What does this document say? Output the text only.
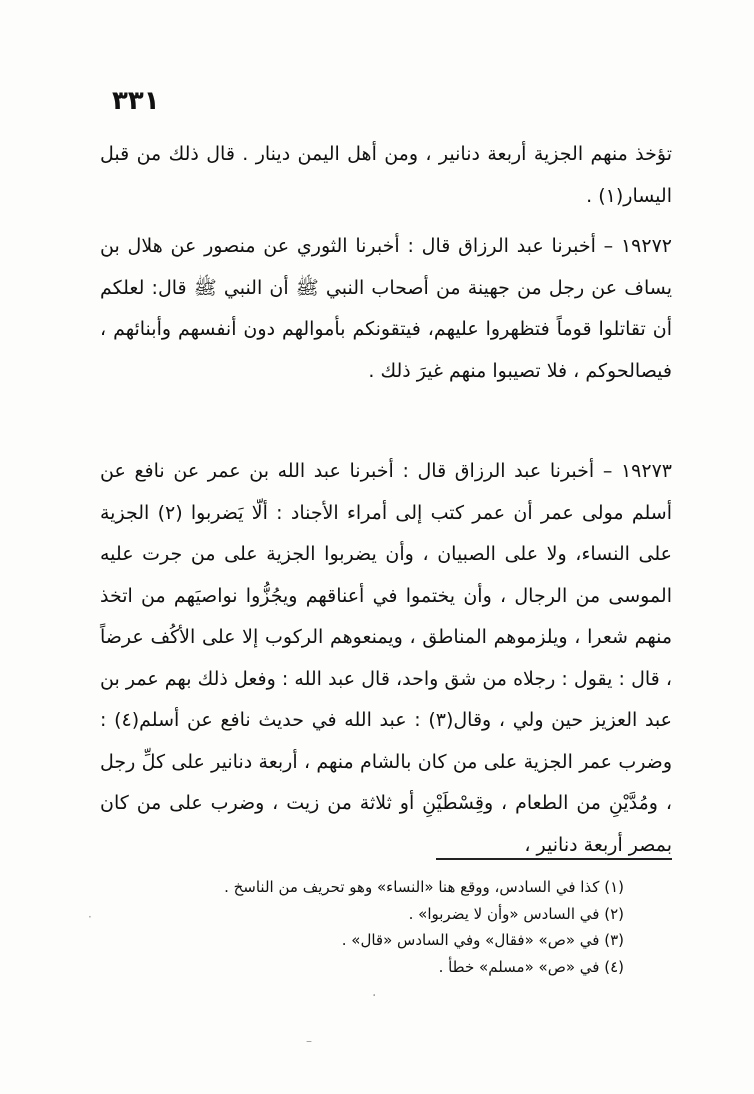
٣٣١

تؤخذ منهم الجزية أربعة دنانير ، ومن أهل اليمن دينار . قال ذلك من قبل اليسار(١) .

١٩٢٧٢ – أخبرنا عبد الرزاق قال : أخبرنا الثوري عن منصور عن هلال بن يساف عن رجل من جهينة من أصحاب النبي ﷺ أن النبي ﷺ قال: لعلكم أن تقاتلوا قوماً فتظهروا عليهم، فيتقونكم بأموالهم دون أنفسهم وأبنائهم ، فيصالحوكم ، فلا تصيبوا منهم غيرَ ذلك .

١٩٢٧٣ – أخبرنا عبد الرزاق قال : أخبرنا عبد الله بن عمر عن نافع عن أسلم مولى عمر أن عمر كتب إلى أمراء الأجناد : ألّا يَضربوا (٢) الجزية على النساء، ولا على الصبيان ، وأن يضربوا الجزية على من جرت عليه الموسى من الرجال ، وأن يختموا في أعناقهم ويجُزُّوا نواصيَهم من اتخذ منهم شعرا ، ويلزموهم المناطق ، ويمنعوهم الركوب إلا على الأكُف عرضاً ، قال : يقول : رجلاه من شق واحد، قال عبد الله : وفعل ذلك بهم عمر بن عبد العزيز حين ولي ، وقال(٣) : عبد الله في حديث نافع عن أسلم(٤) : وضرب عمر الجزية على من كان بالشام منهم ، أربعة دنانير على كلِّ رجل ، ومُدَّيْنِ من الطعام ، وقِسْطَيْنِ أو ثلاثة من زيت ، وضرب على من كان بمصر أربعة دنانير ،

(١) كذا في السادس، ووقع هنا «النساء» وهو تحريف من الناسخ .
(٢) في السادس «وأن لا يضربوا» .
(٣) في «ص» «فقال» وفي السادس «قال» .
(٤) في «ص» «مسلم» خطأ .
·
·
–
